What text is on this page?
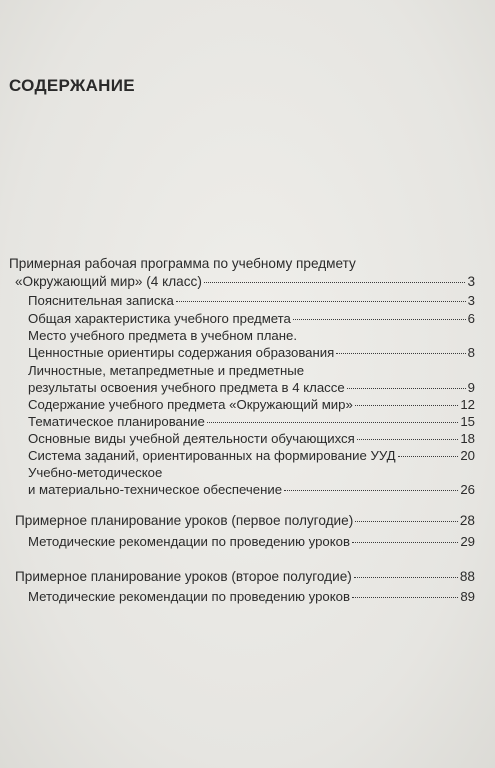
СОДЕРЖАНИЕ
Примерная рабочая программа по учебному предмету
«Окружающий мир» (4 класс)	3
Пояснительная записка	3
Общая характеристика учебного предмета	6
Место учебного предмета в учебном плане.
Ценностные ориентиры содержания образования	8
Личностные, метапредметные и предметные
результаты освоения учебного предмета в 4 классе	9
Содержание учебного предмета «Окружающий мир»	12
Тематическое планирование	15
Основные виды учебной деятельности обучающихся	18
Система заданий, ориентированных на формирование УУД	20
Учебно-методическое
и материально-техническое обеспечение	26
Примерное планирование уроков (первое полугодие)	28
Методические рекомендации по проведению уроков	29
Примерное планирование уроков (второе полугодие)	88
Методические рекомендации по проведению уроков	89
